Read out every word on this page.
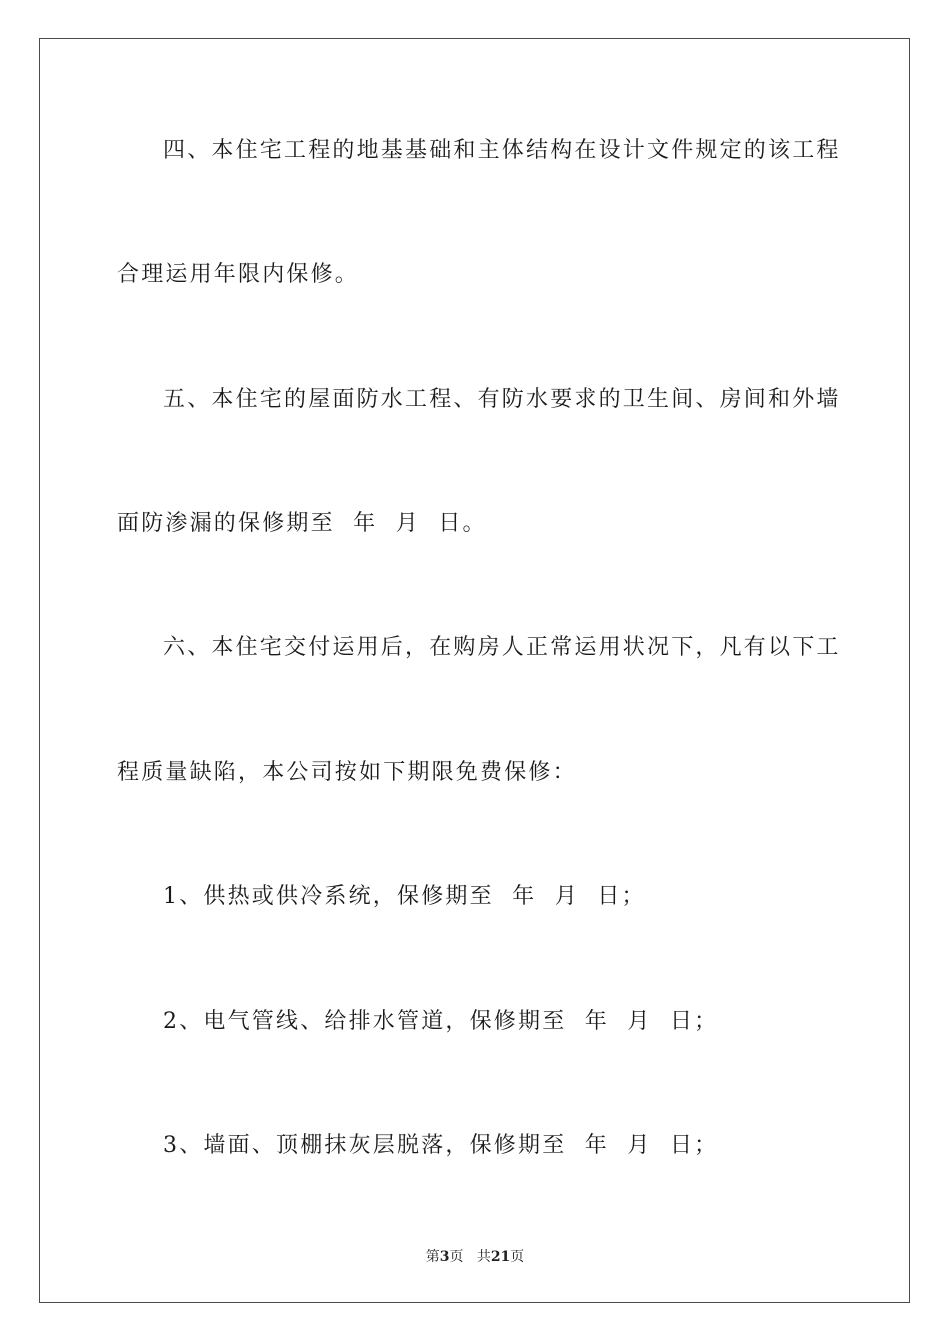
四、本住宅工程的地基基础和主体结构在设计文件规定的该工程
合理运用年限内保修。
五、本住宅的屋面防水工程、有防水要求的卫生间、房间和外墙
面防渗漏的保修期至  年  月  日。
六、本住宅交付运用后，在购房人正常运用状况下，凡有以下工
程质量缺陷，本公司按如下期限免费保修：
1、供热或供冷系统，保修期至  年  月  日；
2、电气管线、给排水管道，保修期至  年  月  日；
3、墙面、顶棚抹灰层脱落，保修期至  年  月  日；
第3页 共21页
